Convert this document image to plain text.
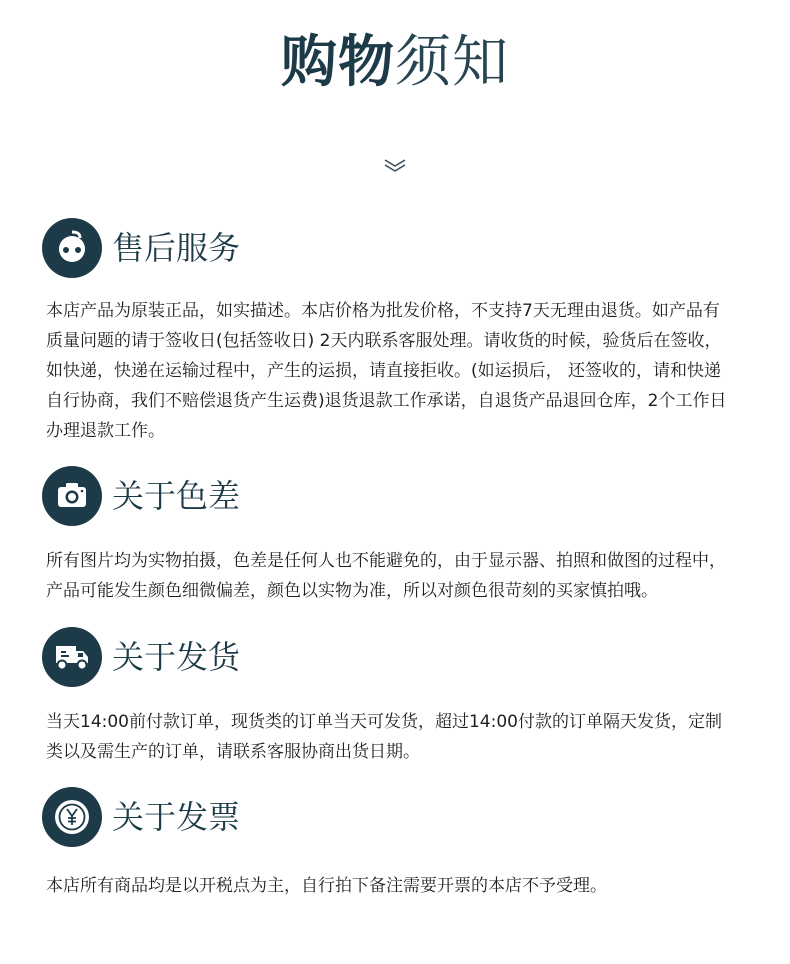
购物须知
售后服务

本店产品为原装正品，如实描述。本店价格为批发价格，不支持7天无理由退货。如产品有质量问题的请于签收日(包括签收日) 2天内联系客服处理。请收货的时候，验货后在签收，如快递，快递在运输过程中，产生的运损，请直接拒收。(如运损后， 还签收的，请和快递自行协商，我们不赔偿退货产生运费)退货退款工作承诺，自退货产品退回仓库，2个工作日办理退款工作。

关于色差

所有图片均为实物拍摄，色差是任何人也不能避免的，由于显示器、拍照和做图的过程中，产品可能发生颜色细微偏差，颜色以实物为准，所以对颜色很苛刻的买家慎拍哦。

关于发货

当天14:00前付款订单，现货类的订单当天可发货，超过14:00付款的订单隔天发货，定制类以及需生产的订单，请联系客服协商出货日期。

关于发票

本店所有商品均是以开税点为主，自行拍下备注需要开票的本店不予受理。
